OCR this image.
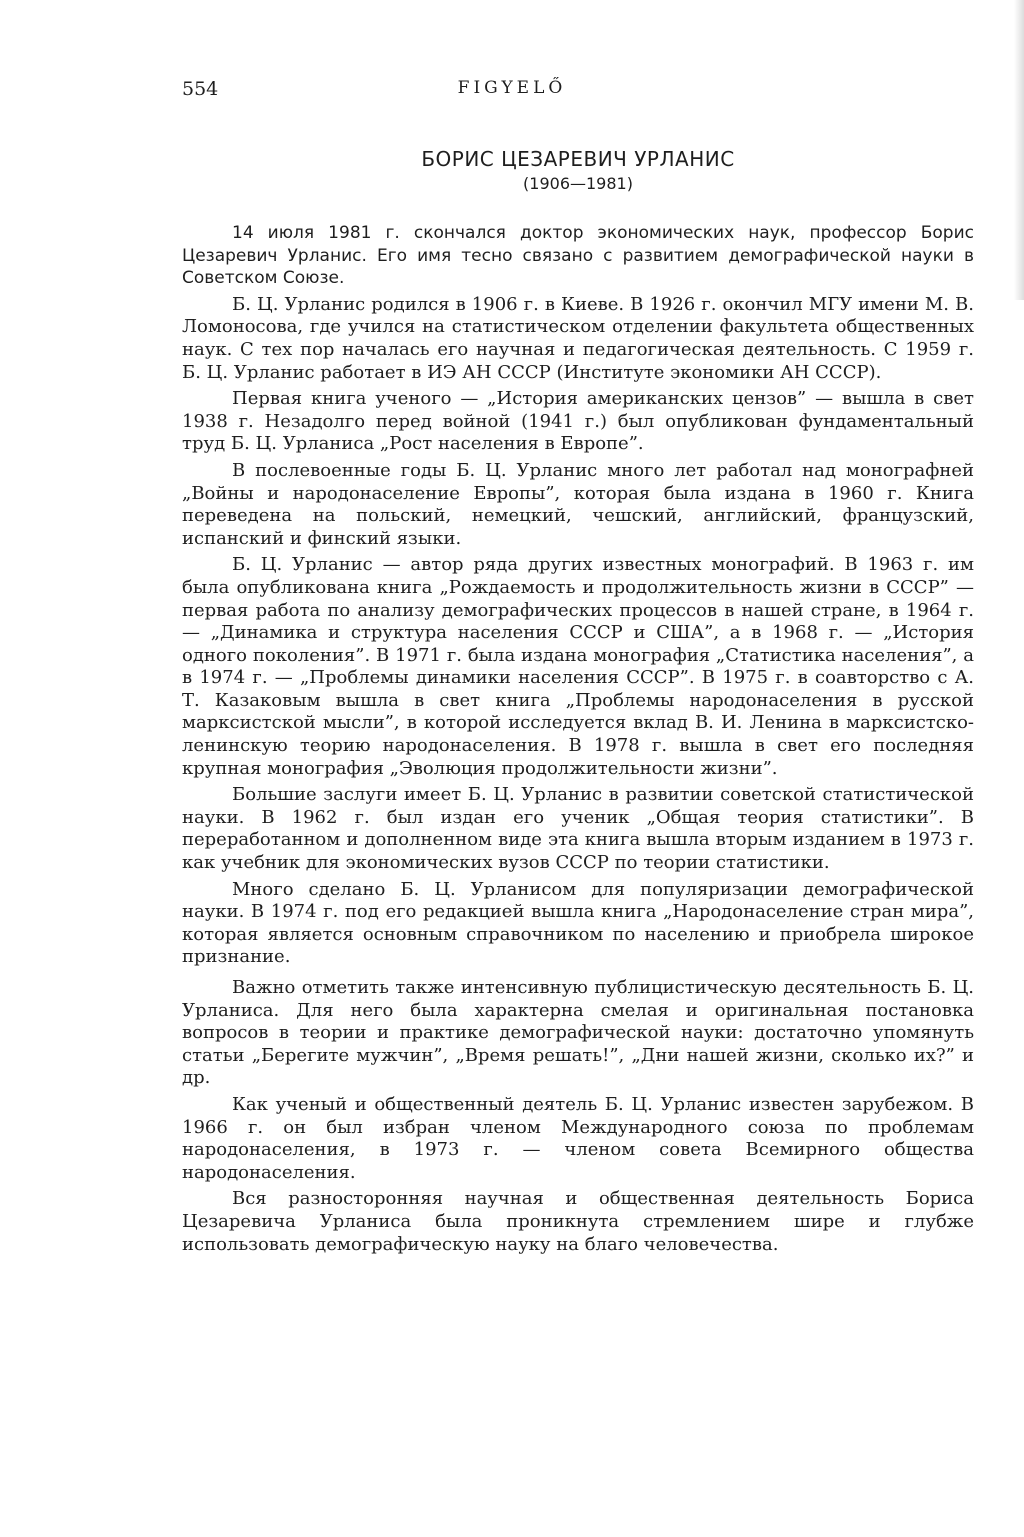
554	FIGYELŐ
БОРИС ЦЕЗАРЕВИЧ УРЛАНИС
(1906—1981)

14 июля 1981 г. скончался доктор экономических наук, профессор Борис Цезаревич Урланис. Его имя тесно связано с развитием демографической науки в Советском Союзе.

Б. Ц. Урланис родился в 1906 г. в Киеве. В 1926 г. окончил МГУ имени М. В. Ломоносова, где учился на статистическом отделении факультета общественных наук. С тех пор началась его научная и педагогическая деятельность. С 1959 г. Б. Ц. Урланис работает в ИЭ АН СССР (Институте экономики АН СССР).

Первая книга ученого — „История американских цензов” — вышла в свет 1938 г. Незадолго перед войной (1941 г.) был опубликован фундаментальный труд Б. Ц. Урланиса „Рост населения в Европе”.

В послевоенные годы Б. Ц. Урланис много лет работал над монографней „Войны и народонаселение Европы”, которая была издана в 1960 г. Книга переведена на польский, немецкий, чешский, английский, французский, испанский и финский языки.

Б. Ц. Урланис — автор ряда других известных монографий. В 1963 г. им была опубликована книга „Рождаемость и продолжительность жизни в СССР” — первая работа по анализу демографических процессов в нашей стране, в 1964 г. — „Динамика и структура населения СССР и США”, а в 1968 г. — „История одного поколения”. В 1971 г. была издана монография „Статистика населения”, а в 1974 г. — „Проблемы динамики населения СССР”. В 1975 г. в соавторство с А. Т. Казаковым вышла в свет книга „Проблемы народонаселения в русской марксистской мысли”, в которой исследуется вклад В. И. Ленина в марксистско-ленинскую теорию народонаселения. В 1978 г. вышла в свет его последняя крупная монография „Эволюция продолжительности жизни”.

Большие заслуги имеет Б. Ц. Урланис в развитии советской статистической науки. В 1962 г. был издан его ученик „Общая теория статистики”. В переработанном и дополненном виде эта книга вышла вторым изданием в 1973 г. как учебник для экономических вузов СССР по теории статистики.

Много сделано Б. Ц. Урланисом для популяризации демографической науки. В 1974 г. под его редакцией вышла книга „Народонаселение стран мира”, которая является основным справочником по населению и приобрела широкое признание.

Важно отметить также интенсивную публицистическую десятельность Б. Ц. Урланиса. Для него была характерна смелая и оригинальная постановка вопросов в теории и практике демографической науки: достаточно упомянуть статьи „Берегите мужчин”, „Время решать!”, „Дни нашей жизни, сколько их?” и др.

Как ученый и общественный деятель Б. Ц. Урланис известен зарубежом. В 1966 г. он был избран членом Международного союза по проблемам народонаселения, в 1973 г. — членом совета Всемирного общества народонаселения.

Вся разносторонняя научная и общественная деятельность Бориса Цезаревича Урланиса была проникнута стремлением шире и глубже использовать демографическую науку на благо человечества.
